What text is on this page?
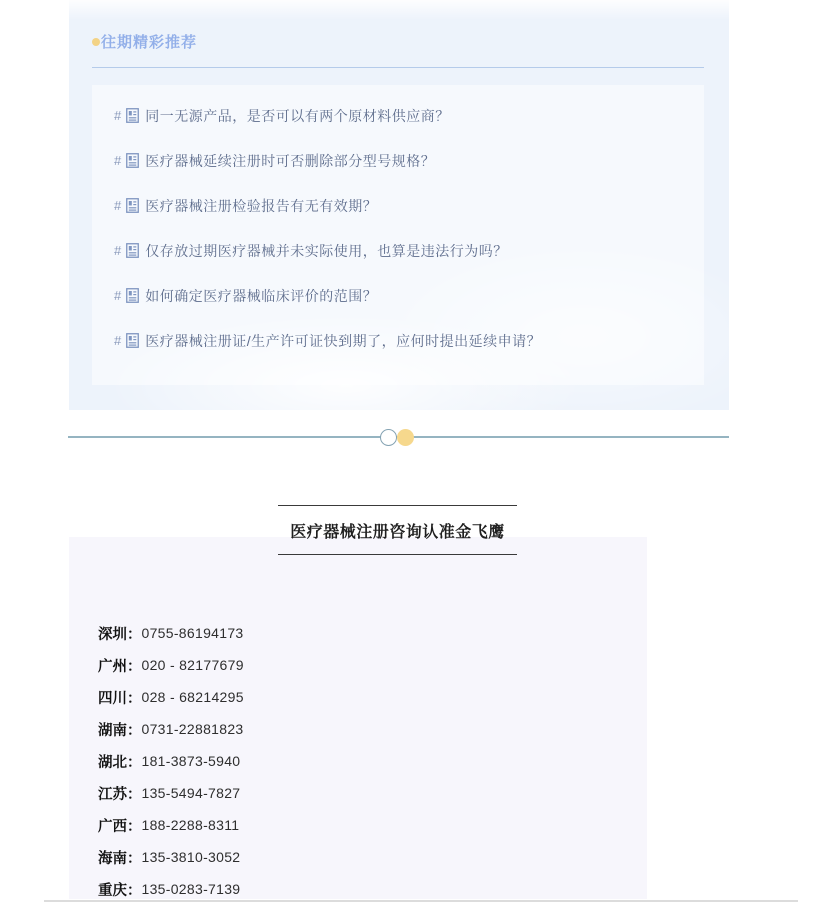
往期精彩推荐
# 同一无源产品，是否可以有两个原材料供应商？
# 医疗器械延续注册时可否删除部分型号规格？
# 医疗器械注册检验报告有无有效期？
# 仅存放过期医疗器械并未实际使用，也算是违法行为吗？
# 如何确定医疗器械临床评价的范围？
# 医疗器械注册证/生产许可证快到期了，应何时提出延续申请？
医疗器械注册咨询认准金飞鹰
深圳： 0755-86194173
广州： 020 - 82177679
四川： 028 - 68214295
湖南： 0731-22881823
湖北： 181-3873-5940
江苏： 135-5494-7827
广西： 188-2288-8311
海南： 135-3810-3052
重庆： 135-0283-7139
